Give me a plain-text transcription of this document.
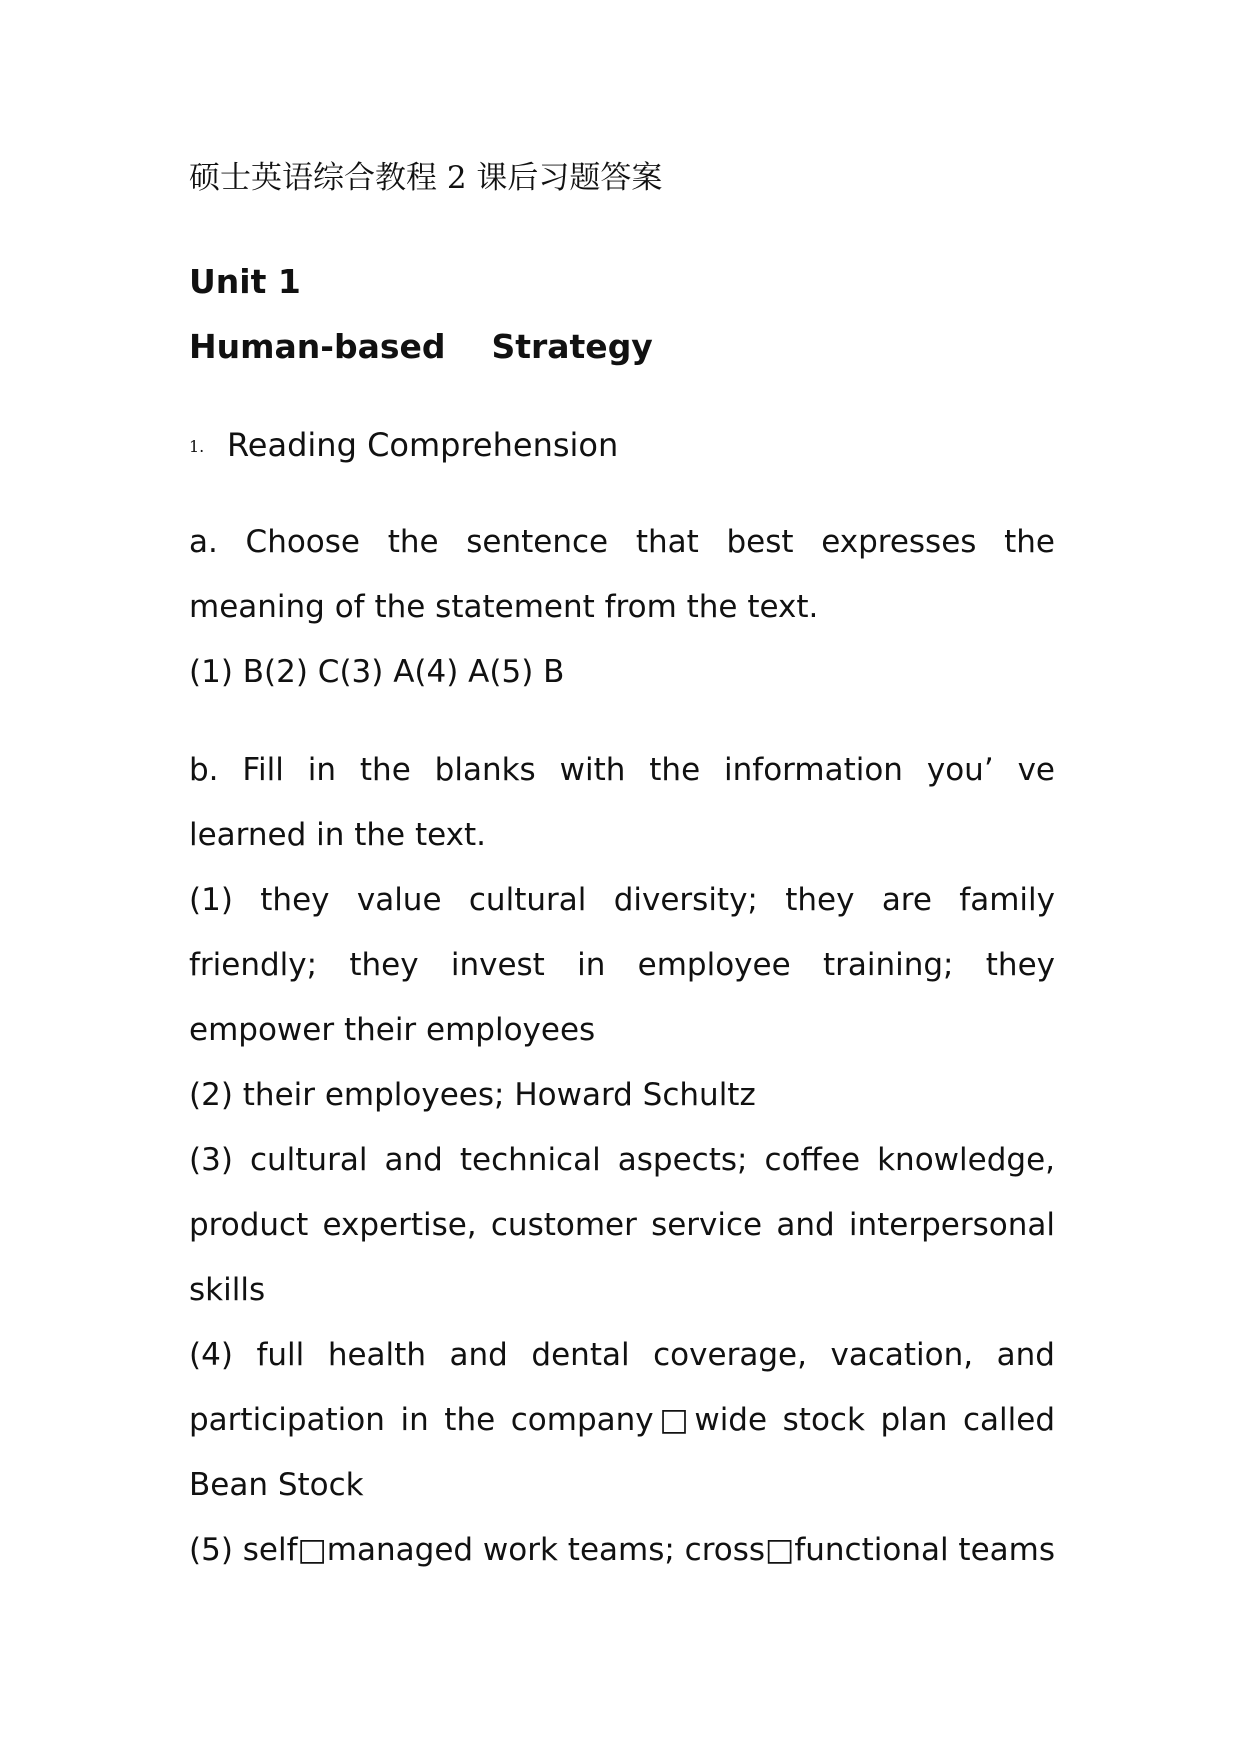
硕士英语综合教程 2 课后习题答案
Unit 1
Human-based    Strategy
1. Reading Comprehension

a. Choose the sentence that best expresses the meaning of the statement from the text.

(1) B(2) C(3) A(4) A(5) B

b. Fill in the blanks with the information you’ ve learned in the text.

(1) they value cultural diversity; they are family friendly; they invest in employee training; they empower their employees

(2) their employees; Howard Schultz

(3) cultural and technical aspects; coffee knowledge, product expertise, customer service and interpersonal skills

(4) full health and dental coverage, vacation, and participation in the company□wide stock plan called Bean Stock

(5) self□managed work teams; cross□functional teams
